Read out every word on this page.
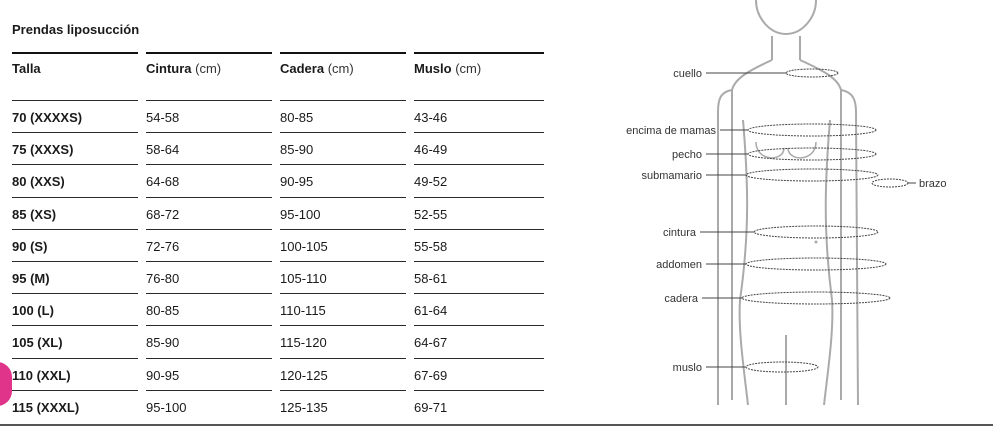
Prendas liposucción
Talla	Cintura (cm)	Cadera (cm)	Muslo (cm)
70 (XXXXS)	54-58	80-85	43-46
75 (XXXS)	58-64	85-90	46-49
80 (XXS)	64-68	90-95	49-52
85 (XS)	68-72	95-100	52-55
90 (S)	72-76	100-105	55-58
95 (M)	76-80	105-110	58-61
100 (L)	80-85	110-115	61-64
105 (XL)	85-90	115-120	64-67
110 (XXL)	90-95	120-125	67-69
115 (XXXL)	95-100	125-135	69-71
cuello
encima de mamas
pecho
submamario
brazo
cintura
addomen
cadera
muslo
